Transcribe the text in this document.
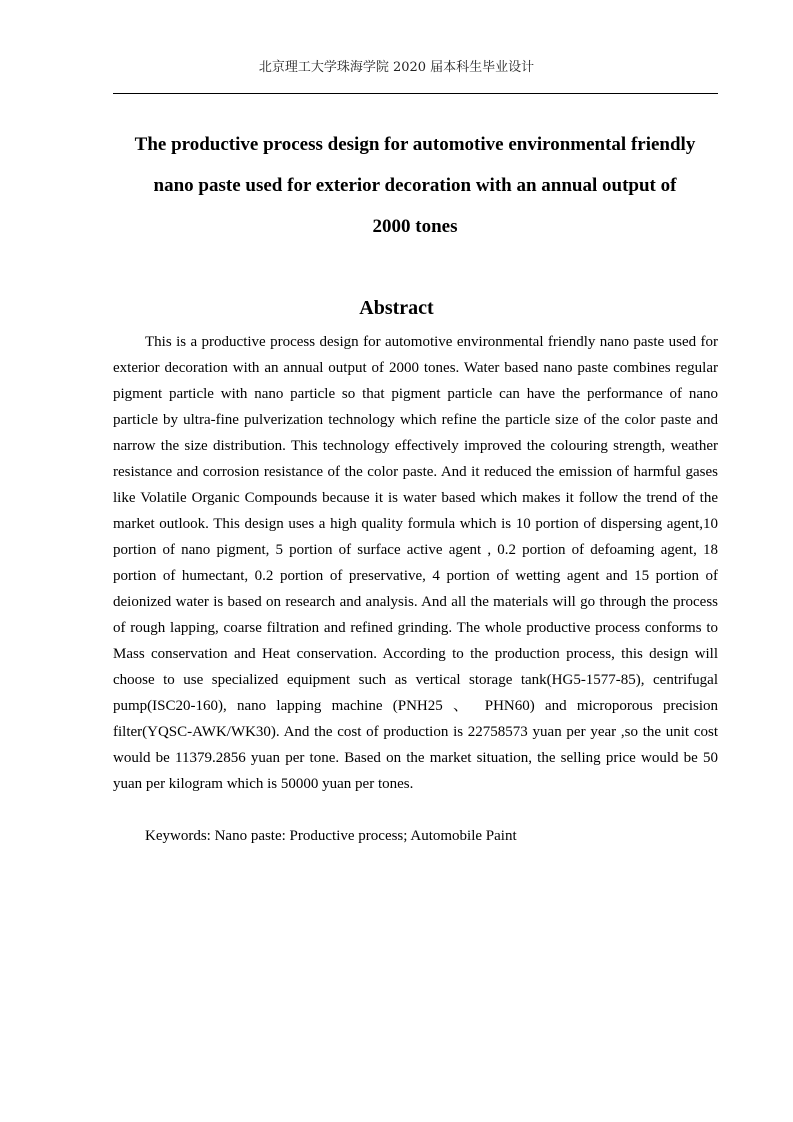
北京理工大学珠海学院 2020 届本科生毕业设计
The productive process design for automotive environmental friendly
nano paste used for exterior decoration with an annual output of
2000 tones
Abstract

This is a productive process design for automotive environmental friendly nano paste used for exterior decoration with an annual output of 2000 tones. Water based nano paste combines regular pigment particle with nano particle so that pigment particle can have the performance of nano particle by ultra-fine pulverization technology which refine the particle size of the color paste and narrow the size distribution. This technology effectively improved the colouring strength, weather resistance and corrosion resistance of the color paste. And it reduced the emission of harmful gases like Volatile Organic Compounds because it is water based which makes it follow the trend of the market outlook. This design uses a high quality formula which is 10 portion of dispersing agent,10 portion of nano pigment, 5 portion of surface active agent , 0.2 portion of defoaming agent, 18 portion of humectant, 0.2 portion of preservative, 4 portion of wetting agent and 15 portion of deionized water is based on research and analysis. And all the materials will go through the process of rough lapping, coarse filtration and refined grinding. The whole productive process conforms to Mass conservation and Heat conservation. According to the production process, this design will choose to use specialized equipment such as vertical storage tank(HG5-1577-85), centrifugal pump(ISC20-160), nano lapping machine (PNH25 、 PHN60) and microporous precision filter(YQSC-AWK/WK30). And the cost of production is 22758573 yuan per year ,so the unit cost would be 11379.2856 yuan per tone. Based on the market situation, the selling price would be 50 yuan per kilogram which is 50000 yuan per tones.

Keywords: Nano paste: Productive process; Automobile Paint
